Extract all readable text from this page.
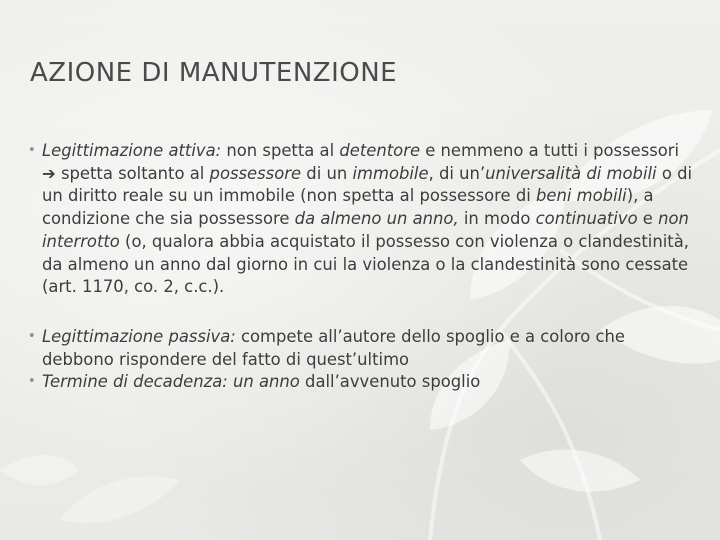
AZIONE DI MANUTENZIONE
• Legittimazione attiva: non spetta al detentore e nemmeno a tutti i possessori ➔ spetta soltanto al possessore di un immobile, di un’universalità di mobili o di un diritto reale su un immobile (non spetta al possessore di beni mobili), a condizione che sia possessore da almeno un anno, in modo continuativo e non interrotto (o, qualora abbia acquistato il possesso con violenza o clandestinità, da almeno un anno dal giorno in cui la violenza o la clandestinità sono cessate (art. 1170, co. 2, c.c.).
• Legittimazione passiva: compete all’autore dello spoglio e a coloro che debbono rispondere del fatto di quest’ultimo
• Termine di decadenza: un anno dall’avvenuto spoglio
